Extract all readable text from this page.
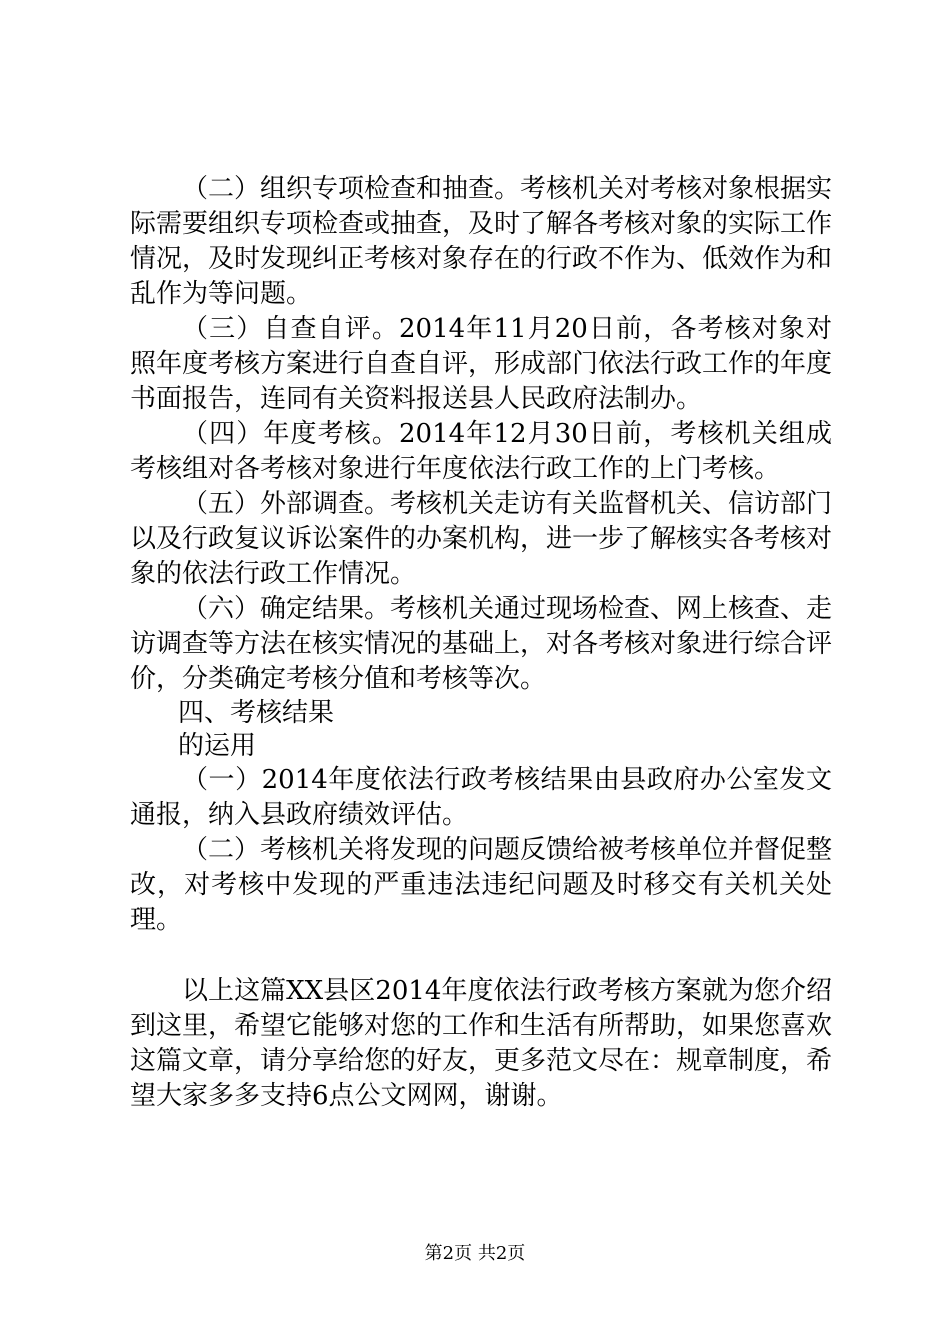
（二）组织专项检查和抽查。考核机关对考核对象根据实际需要组织专项检查或抽查，及时了解各考核对象的实际工作情况，及时发现纠正考核对象存在的行政不作为、低效作为和乱作为等问题。

（三）自查自评。2014年11月20日前，各考核对象对照年度考核方案进行自查自评，形成部门依法行政工作的年度书面报告，连同有关资料报送县人民政府法制办。

（四）年度考核。2014年12月30日前，考核机关组成考核组对各考核对象进行年度依法行政工作的上门考核。

（五）外部调查。考核机关走访有关监督机关、信访部门以及行政复议诉讼案件的办案机构，进一步了解核实各考核对象的依法行政工作情况。

（六）确定结果。考核机关通过现场检查、网上核查、走访调查等方法在核实情况的基础上，对各考核对象进行综合评价，分类确定考核分值和考核等次。

四、考核结果

的运用

（一）2014年度依法行政考核结果由县政府办公室发文通报，纳入县政府绩效评估。

（二）考核机关将发现的问题反馈给被考核单位并督促整改，对考核中发现的严重违法违纪问题及时移交有关机关处理。

以上这篇XX县区2014年度依法行政考核方案就为您介绍到这里，希望它能够对您的工作和生活有所帮助，如果您喜欢这篇文章，请分享给您的好友，更多范文尽在：规章制度，希望大家多多支持6点公文网网，谢谢。

第2页 共2页
